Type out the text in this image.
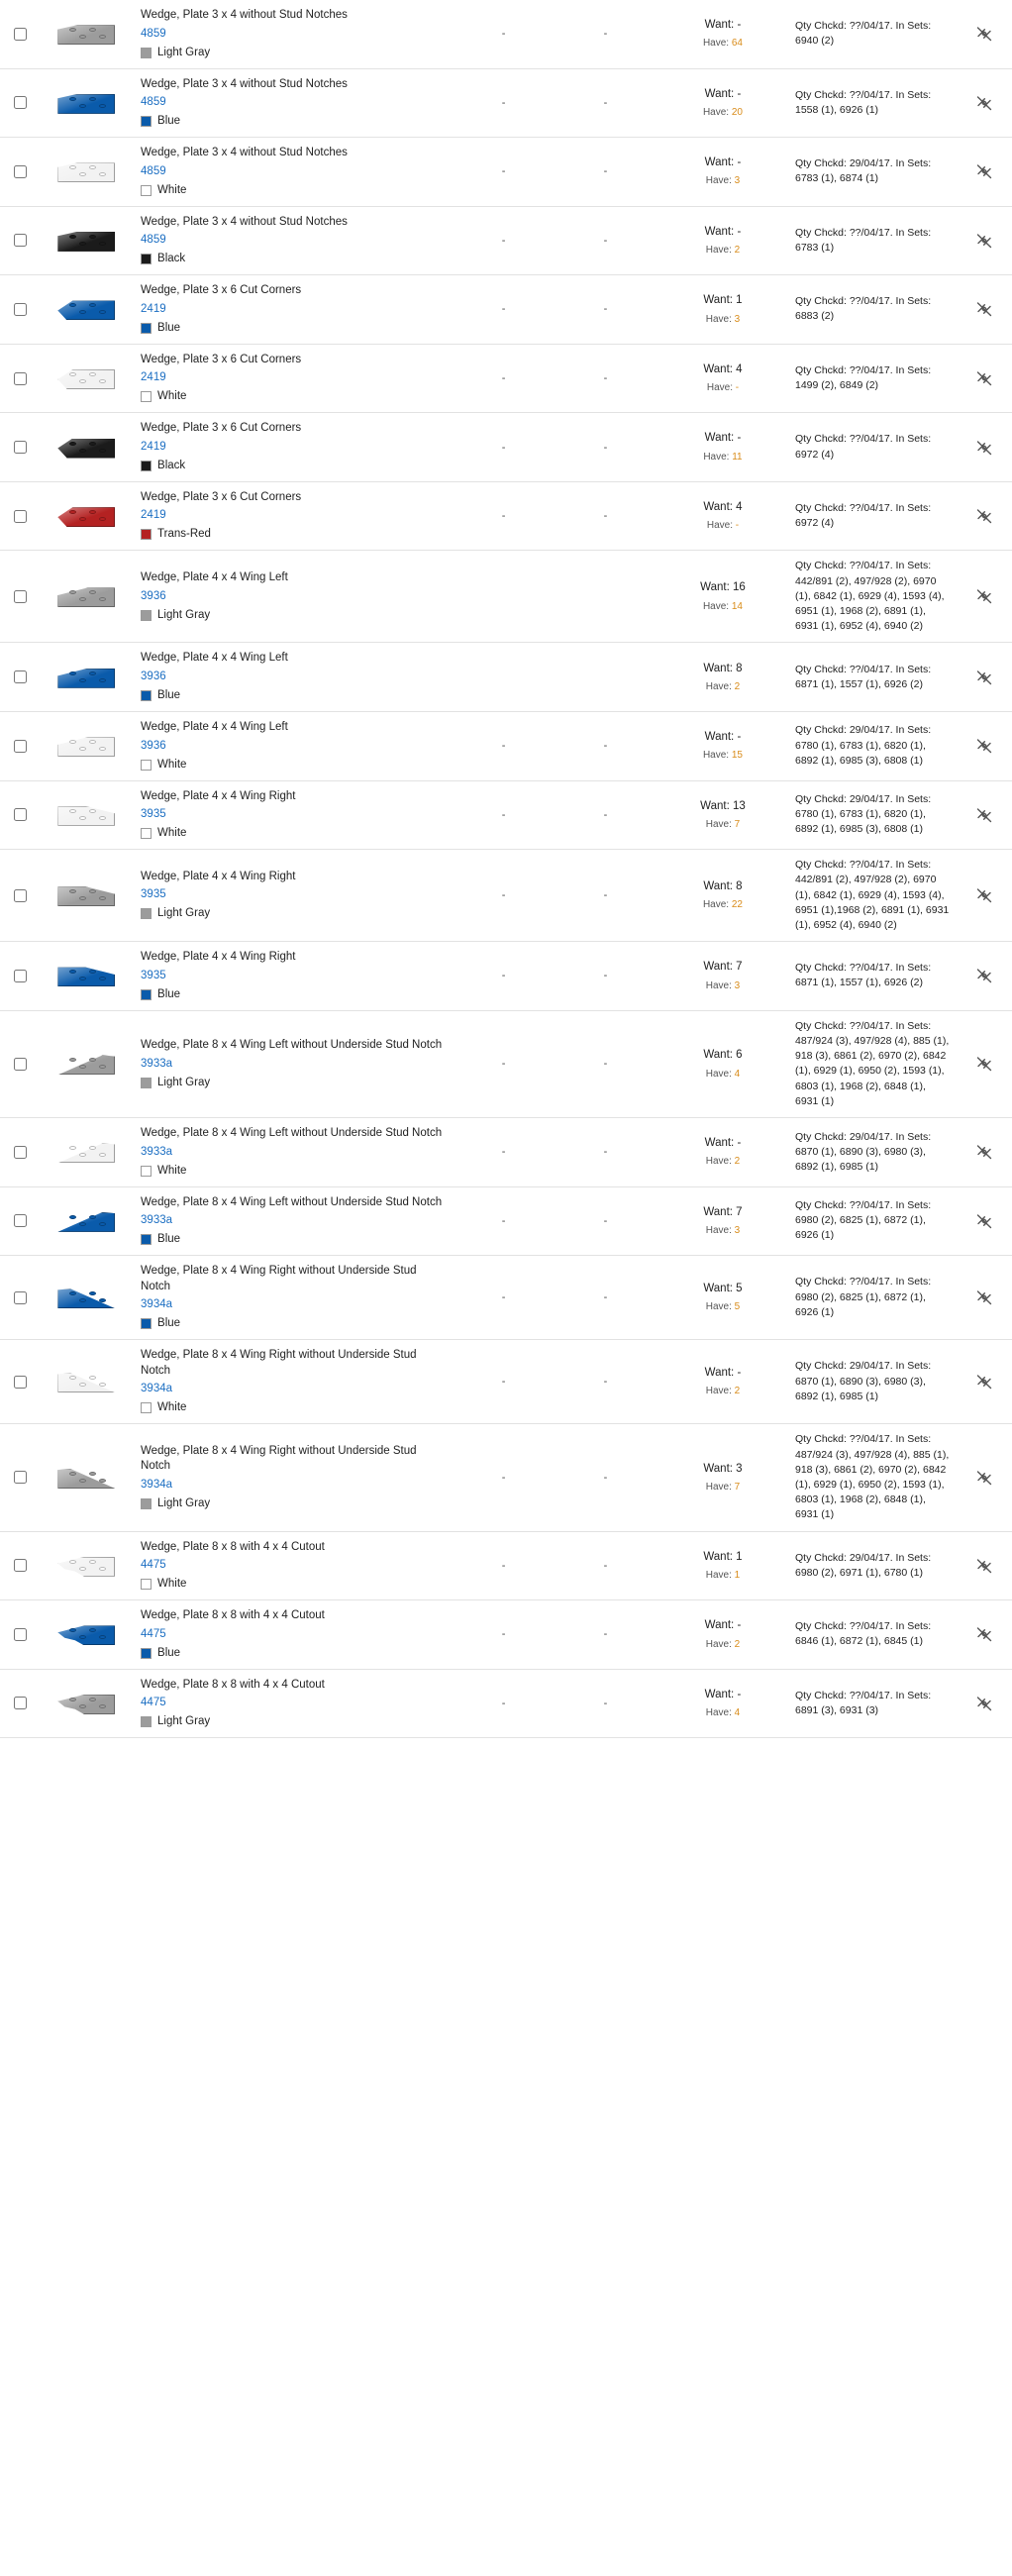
Wedge, Plate 3 x 4 without Stud Notches
4859
Light Gray
	-	-	
Want: -
Have: 64

Qty Chckd: ??/04/17. In Sets: 6940 (2)

Wedge, Plate 3 x 4 without Stud Notches
4859
Blue
	-	-	
Want: -
Have: 20

Qty Chckd: ??/04/17. In Sets: 1558 (1), 6926 (1)

Wedge, Plate 3 x 4 without Stud Notches
4859
White
	-	-	
Want: -
Have: 3

Qty Chckd: 29/04/17. In Sets: 6783 (1), 6874 (1)

Wedge, Plate 3 x 4 without Stud Notches
4859
Black
	-	-	
Want: -
Have: 2

Qty Chckd: ??/04/17. In Sets: 6783 (1)

Wedge, Plate 3 x 6 Cut Corners
2419
Blue
	-	-	
Want: 1
Have: 3

Qty Chckd: ??/04/17. In Sets: 6883 (2)

Wedge, Plate 3 x 6 Cut Corners
2419
White
	-	-	
Want: 4
Have: -

Qty Chckd: ??/04/17. In Sets: 1499 (2), 6849 (2)

Wedge, Plate 3 x 6 Cut Corners
2419
Black
	-	-	
Want: -
Have: 11

Qty Chckd: ??/04/17. In Sets: 6972 (4)

Wedge, Plate 3 x 6 Cut Corners
2419
Trans-Red
	-	-	
Want: 4
Have: -

Qty Chckd: ??/04/17. In Sets: 6972 (4)

Wedge, Plate 4 x 4 Wing Left
3936
Light Gray

Want: 16
Have: 14

Qty Chckd: ??/04/17. In Sets: 442/891 (2), 497/928 (2), 6970 (1), 6842 (1), 6929 (4), 1593 (4), 6951 (1), 1968 (2), 6891 (1), 6931 (1), 6952 (4), 6940 (2)

Wedge, Plate 4 x 4 Wing Left
3936
Blue

Want: 8
Have: 2

Qty Chckd: ??/04/17. In Sets: 6871 (1), 1557 (1), 6926 (2)

Wedge, Plate 4 x 4 Wing Left
3936
White
	-	-	
Want: -
Have: 15

Qty Chckd: 29/04/17. In Sets: 6780 (1), 6783 (1), 6820 (1), 6892 (1), 6985 (3), 6808 (1)

Wedge, Plate 4 x 4 Wing Right
3935
White
	-	-	
Want: 13
Have: 7

Qty Chckd: 29/04/17. In Sets: 6780 (1), 6783 (1), 6820 (1), 6892 (1), 6985 (3), 6808 (1)

Wedge, Plate 4 x 4 Wing Right
3935
Light Gray
	-	-	
Want: 8
Have: 22

Qty Chckd: ??/04/17. In Sets: 442/891 (2), 497/928 (2), 6970 (1), 6842 (1), 6929 (4), 1593 (4), 6951 (1),1968 (2), 6891 (1), 6931 (1), 6952 (4), 6940 (2)

Wedge, Plate 4 x 4 Wing Right
3935
Blue
	-	-	
Want: 7
Have: 3

Qty Chckd: ??/04/17. In Sets: 6871 (1), 1557 (1), 6926 (2)

Wedge, Plate 8 x 4 Wing Left without Underside Stud Notch
3933a
Light Gray
	-	-	
Want: 6
Have: 4

Qty Chckd: ??/04/17. In Sets: 487/924 (3), 497/928 (4), 885 (1), 918 (3), 6861 (2), 6970 (2), 6842 (1), 6929 (1), 6950 (2), 1593 (1), 6803 (1), 1968 (2), 6848 (1), 6931 (1)

Wedge, Plate 8 x 4 Wing Left without Underside Stud Notch
3933a
White
	-	-	
Want: -
Have: 2

Qty Chckd: 29/04/17. In Sets: 6870 (1), 6890 (3), 6980 (3), 6892 (1), 6985 (1)

Wedge, Plate 8 x 4 Wing Left without Underside Stud Notch
3933a
Blue
	-	-	
Want: 7
Have: 3

Qty Chckd: ??/04/17. In Sets: 6980 (2), 6825 (1), 6872 (1), 6926 (1)

Wedge, Plate 8 x 4 Wing Right without Underside Stud Notch
3934a
Blue
	-	-	
Want: 5
Have: 5

Qty Chckd: ??/04/17. In Sets: 6980 (2), 6825 (1), 6872 (1), 6926 (1)

Wedge, Plate 8 x 4 Wing Right without Underside Stud Notch
3934a
White
	-	-	
Want: -
Have: 2

Qty Chckd: 29/04/17. In Sets: 6870 (1), 6890 (3), 6980 (3), 6892 (1), 6985 (1)

Wedge, Plate 8 x 4 Wing Right without Underside Stud Notch
3934a
Light Gray
	-	-	
Want: 3
Have: 7

Qty Chckd: ??/04/17. In Sets: 487/924 (3), 497/928 (4), 885 (1), 918 (3), 6861 (2), 6970 (2), 6842 (1), 6929 (1), 6950 (2), 1593 (1), 6803 (1), 1968 (2), 6848 (1), 6931 (1)

Wedge, Plate 8 x 8 with 4 x 4 Cutout
4475
White
	-	-	
Want: 1
Have: 1

Qty Chckd: 29/04/17. In Sets: 6980 (2), 6971 (1), 6780 (1)

Wedge, Plate 8 x 8 with 4 x 4 Cutout
4475
Blue
	-	-	
Want: -
Have: 2

Qty Chckd: ??/04/17. In Sets: 6846 (1), 6872 (1), 6845 (1)

Wedge, Plate 8 x 8 with 4 x 4 Cutout
4475
Light Gray
	-	-	
Want: -
Have: 4

Qty Chckd: ??/04/17. In Sets: 6891 (3), 6931 (3)
